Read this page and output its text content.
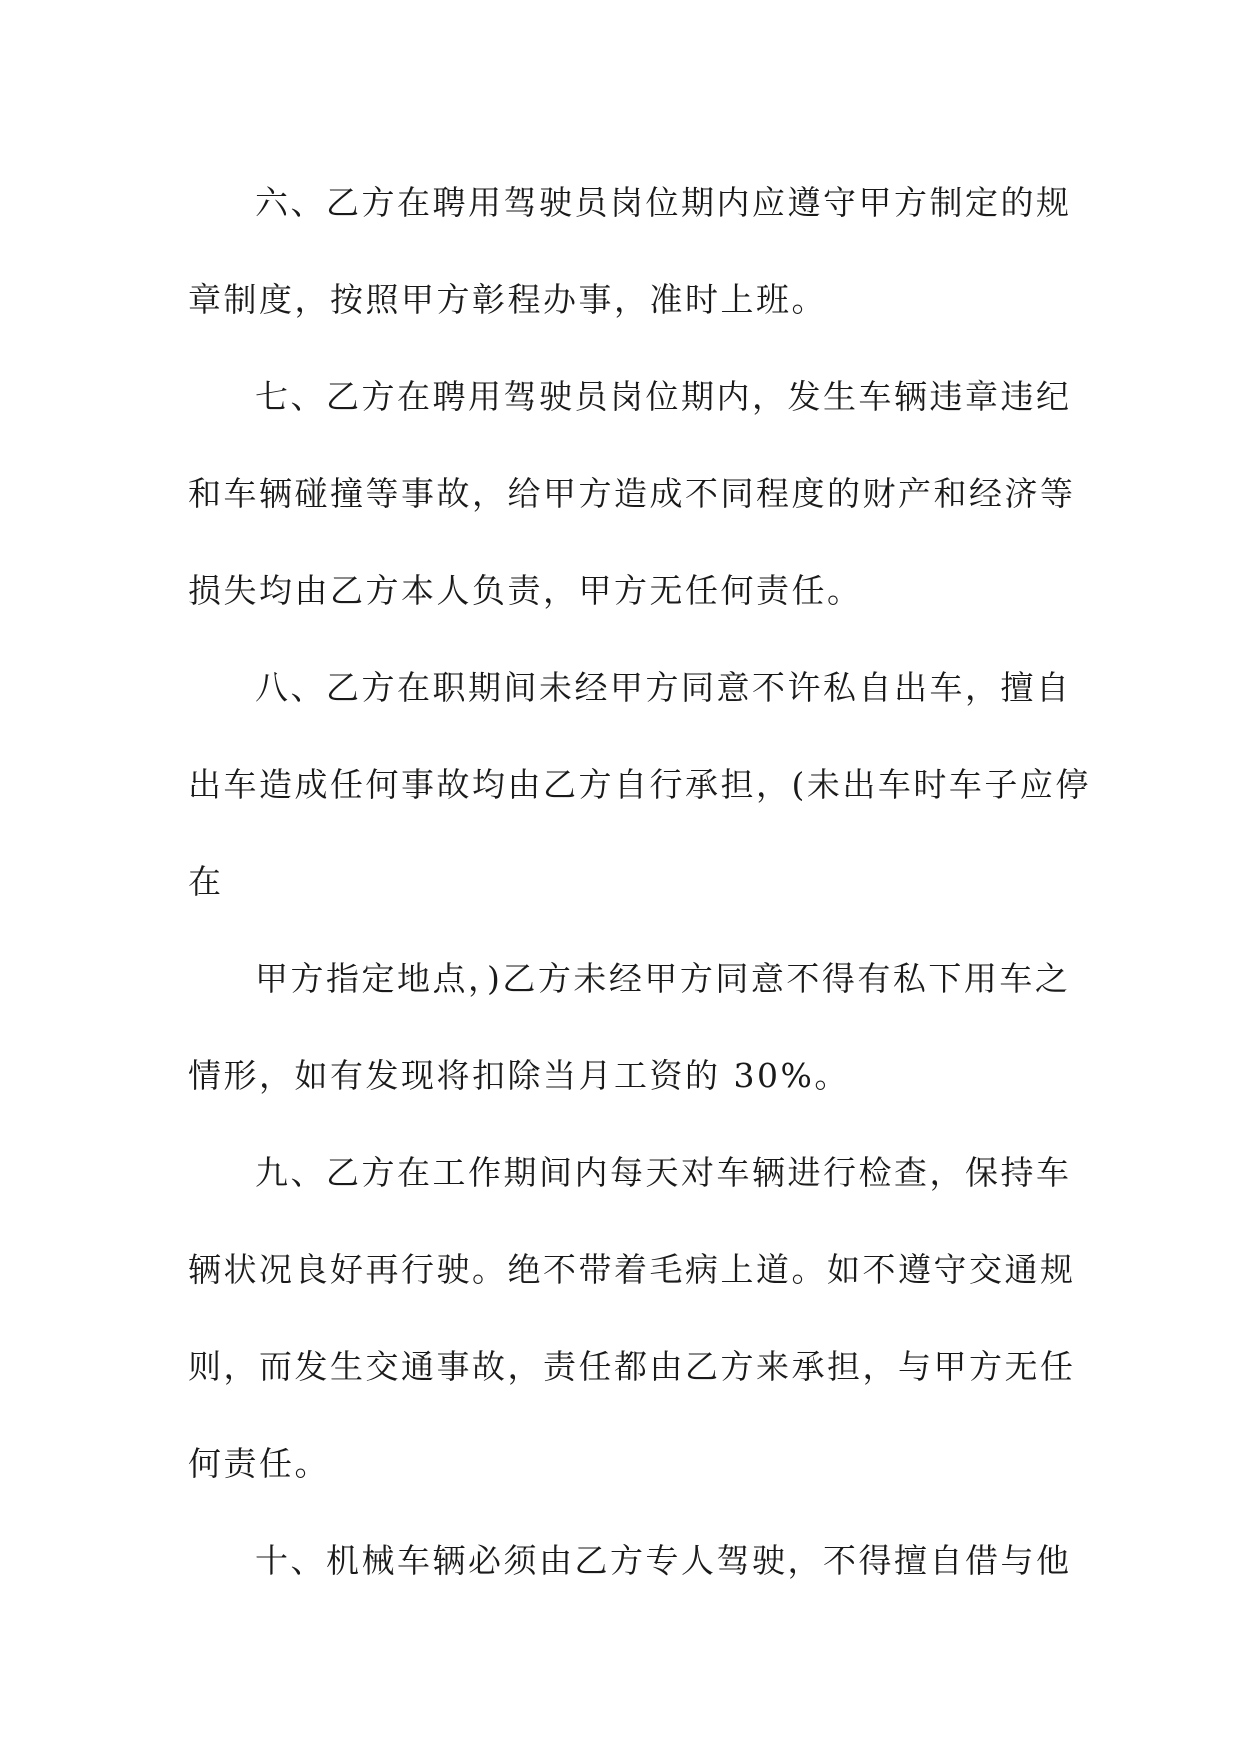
六、乙方在聘用驾驶员岗位期内应遵守甲方制定的规
章制度，按照甲方彰程办事，准时上班。
七、乙方在聘用驾驶员岗位期内，发生车辆违章违纪
和车辆碰撞等事故，给甲方造成不同程度的财产和经济等
损失均由乙方本人负责，甲方无任何责任。
八、乙方在职期间未经甲方同意不许私自出车，擅自
出车造成任何事故均由乙方自行承担，(未出车时车子应停
在
甲方指定地点，)乙方未经甲方同意不得有私下用车之
情形，如有发现将扣除当月工资的 30%。
九、乙方在工作期间内每天对车辆进行检查，保持车
辆状况良好再行驶。绝不带着毛病上道。如不遵守交通规
则，而发生交通事故，责任都由乙方来承担，与甲方无任
何责任。
十、机械车辆必须由乙方专人驾驶，不得擅自借与他
